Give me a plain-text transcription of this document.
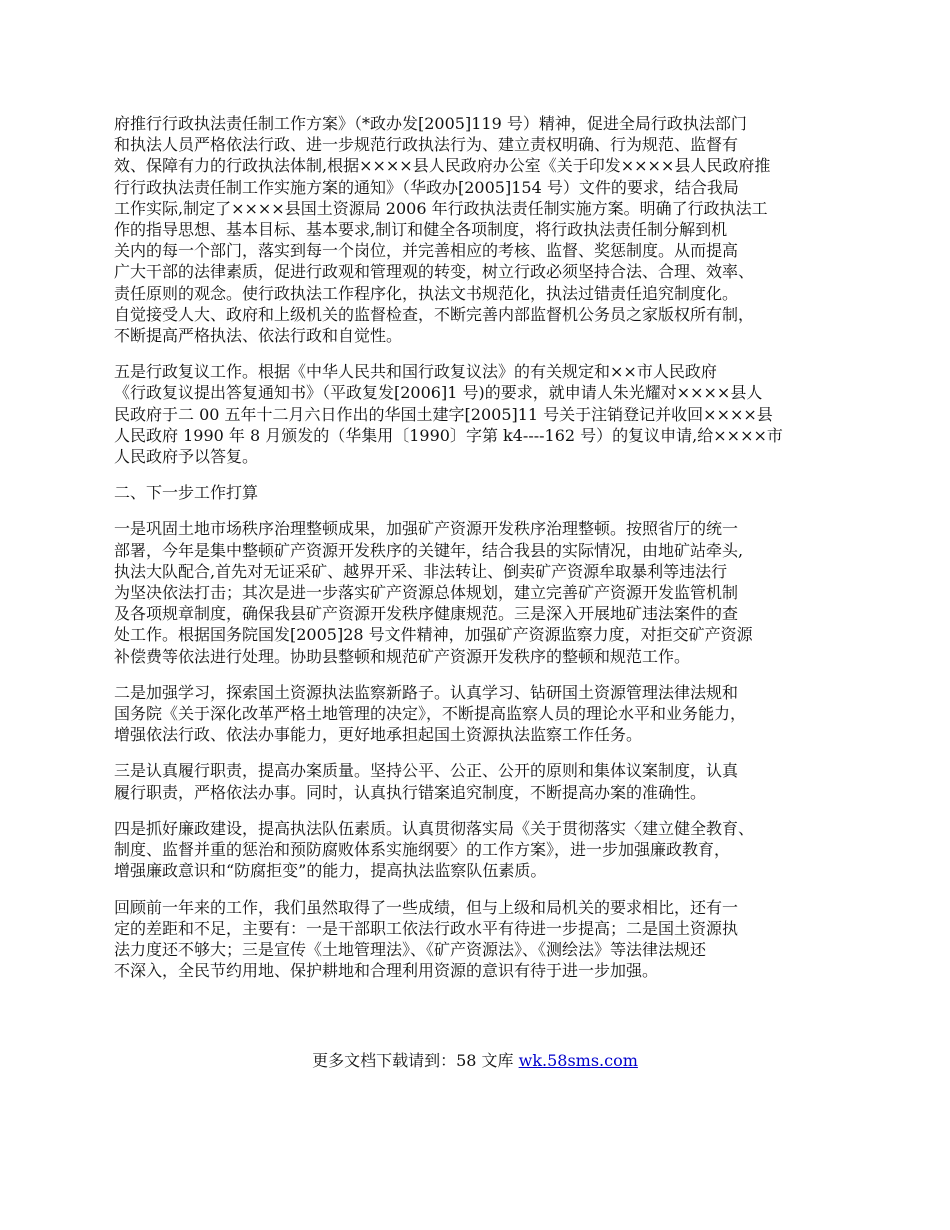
府推行行政执法责任制工作方案》（*政办发[2005]119 号）精神，促进全局行政执法部门
和执法人员严格依法行政、进一步规范行政执法行为、建立责权明确、行为规范、监督有
效、保障有力的行政执法体制,根据××××县人民政府办公室《关于印发××××县人民政府推
行行政执法责任制工作实施方案的通知》（华政办[2005]154 号）文件的要求，结合我局
工作实际,制定了××××县国土资源局 2006 年行政执法责任制实施方案。明确了行政执法工
作的指导思想、基本目标、基本要求,制订和健全各项制度，将行政执法责任制分解到机
关内的每一个部门，落实到每一个岗位，并完善相应的考核、监督、奖惩制度。从而提高
广大干部的法律素质，促进行政观和管理观的转变，树立行政必须坚持合法、合理、效率、
责任原则的观念。使行政执法工作程序化，执法文书规范化，执法过错责任追究制度化。
自觉接受人大、政府和上级机关的监督检查，不断完善内部监督机公务员之家版权所有制，
不断提高严格执法、依法行政和自觉性。
五是行政复议工作。根据《中华人民共和国行政复议法》的有关规定和××市人民政府
《行政复议提出答复通知书》（平政复发[2006]1 号)的要求，就申请人朱光耀对××××县人
民政府于二 00 五年十二月六日作出的华国土建字[2005]11 号关于注销登记并收回××××县
人民政府 1990 年 8 月颁发的（华集用〔1990〕字第 k4----162 号）的复议申请,给××××市
人民政府予以答复。
二、下一步工作打算
一是巩固土地市场秩序治理整顿成果，加强矿产资源开发秩序治理整顿。按照省厅的统一
部署，今年是集中整顿矿产资源开发秩序的关键年，结合我县的实际情况，由地矿站牵头,
执法大队配合,首先对无证采矿、越界开采、非法转让、倒卖矿产资源牟取暴利等违法行
为坚决依法打击；其次是进一步落实矿产资源总体规划，建立完善矿产资源开发监管机制
及各项规章制度，确保我县矿产资源开发秩序健康规范。三是深入开展地矿违法案件的查
处工作。根据国务院国发[2005]28 号文件精神，加强矿产资源监察力度，对拒交矿产资源
补偿费等依法进行处理。协助县整顿和规范矿产资源开发秩序的整顿和规范工作。
二是加强学习，探索国土资源执法监察新路子。认真学习、钻研国土资源管理法律法规和
国务院《关于深化改革严格土地管理的决定》，不断提高监察人员的理论水平和业务能力，
增强依法行政、依法办事能力，更好地承担起国土资源执法监察工作任务。
三是认真履行职责，提高办案质量。坚持公平、公正、公开的原则和集体议案制度，认真
履行职责，严格依法办事。同时，认真执行错案追究制度，不断提高办案的准确性。
四是抓好廉政建设，提高执法队伍素质。认真贯彻落实局《关于贯彻落实〈建立健全教育、
制度、监督并重的惩治和预防腐败体系实施纲要〉的工作方案》，进一步加强廉政教育，
增强廉政意识和“防腐拒变”的能力，提高执法监察队伍素质。
回顾前一年来的工作，我们虽然取得了一些成绩，但与上级和局机关的要求相比，还有一
定的差距和不足，主要有：一是干部职工依法行政水平有待进一步提高；二是国土资源执
法力度还不够大；三是宣传《土地管理法》、《矿产资源法》、《测绘法》等法律法规还
不深入，全民节约用地、保护耕地和合理利用资源的意识有待于进一步加强。
更多文档下载请到：58 文库 wk.58sms.com
